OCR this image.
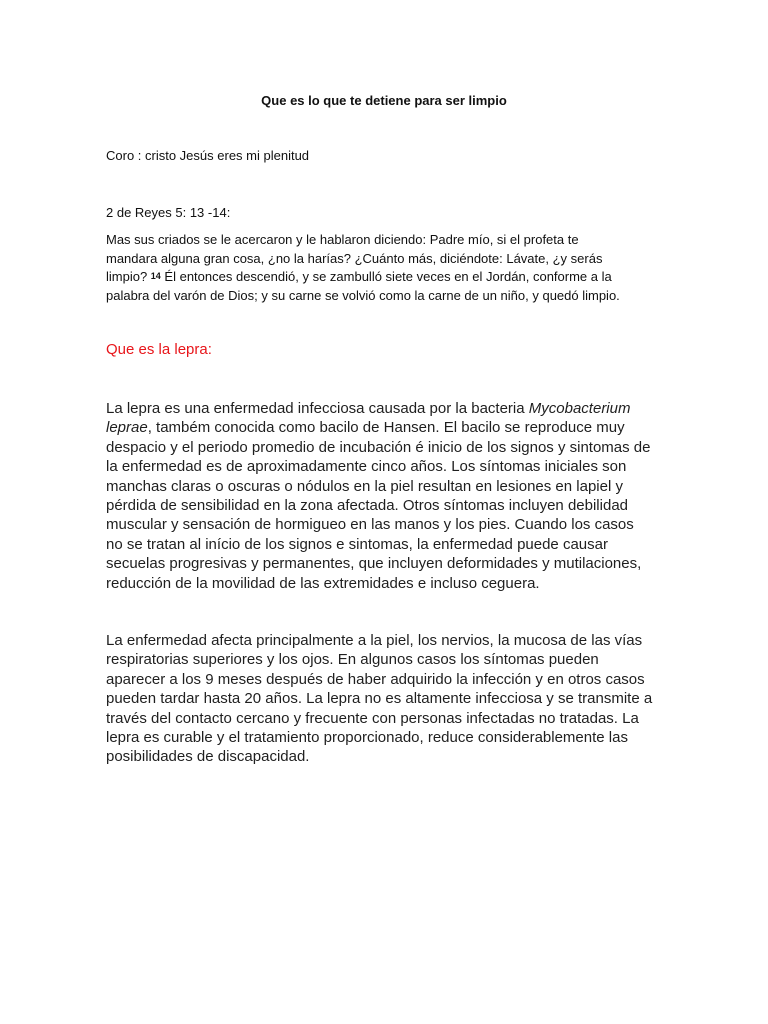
Que es lo que te detiene para ser limpio
Coro : cristo Jesús eres mi plenitud
2 de Reyes 5: 13 -14:
Mas sus criados se le acercaron y le hablaron diciendo: Padre mío, si el profeta te
mandara alguna gran cosa, ¿no la harías? ¿Cuánto más, diciéndote: Lávate, ¿y serás
limpio? $^{14}$ Él entonces descendió, y se zambulló siete veces en el Jordán, conforme a la
palabra del varón de Dios; y su carne se volvió como la carne de un niño, y quedó limpio.
Que es la lepra:
La lepra es una enfermedad infecciosa causada por la bacteria Mycobacterium
leprae, també​m conocida como bacilo de Hansen. El bacilo se reproduce muy
despacio y el periodo promedio de incubación é inicio de los signos y sintomas de
la enfermedad es de aproximadamente cinco años. Los síntomas iniciales son
manchas claras o oscuras o nódulos en la piel resultan en lesiones en lapiel y
pérdida de sensibilidad en la zona afectada. Otros síntomas incluyen debilidad
muscular y sensación de hormigueo en las manos y los pies. Cuando los casos
no se tratan al início de los signos e sintomas, la enfermedad puede causar
secuelas progresivas y permanentes, que incluyen deformidades y mutilaciones,
reducción de la movilidad de las extremidades e incluso ceguera.
La enfermedad afecta principalmente a la piel, los nervios, la mucosa de las vías
respiratorias superiores y los ojos. En algunos casos los síntomas pueden
aparecer a los 9 meses después de haber adquirido la infección y en otros casos
pueden tardar hasta 20 años. La lepra no es altamente infecciosa y se transmite a
través del contacto cercano y frecuente con personas infectadas no tratadas. La
lepra es curable y el tratamiento proporcionado, reduce considerablemente las
posibilidades de discapacidad.
